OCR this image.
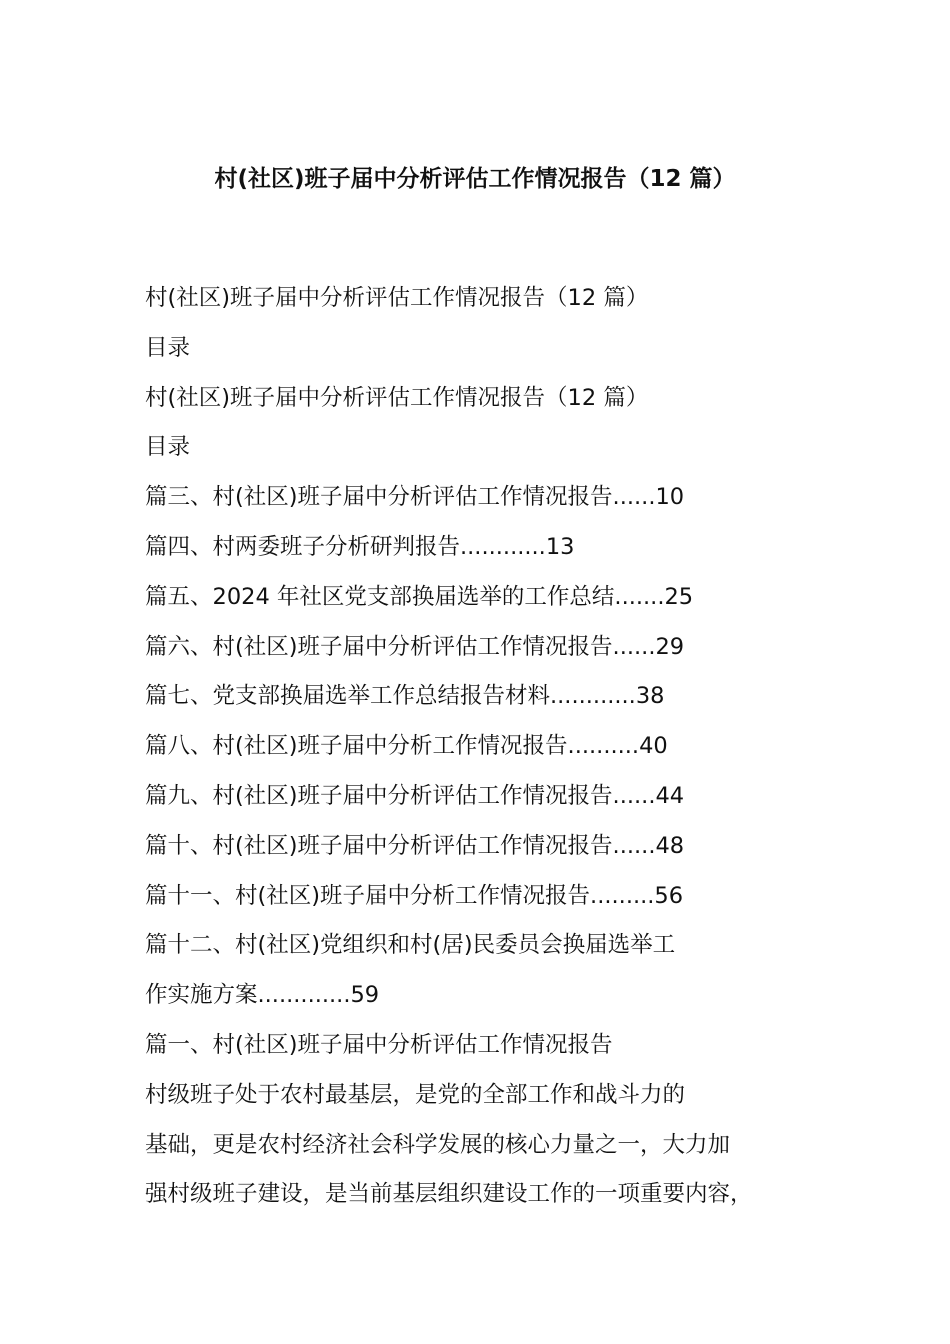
村(社区)班子届中分析评估工作情况报告（12 篇）
村(社区)班子届中分析评估工作情况报告（12 篇）
目录
村(社区)班子届中分析评估工作情况报告（12 篇）
目录
篇三、村(社区)班子届中分析评估工作情况报告......10
篇四、村两委班子分析研判报告............13
篇五、2024 年社区党支部换届选举的工作总结.......25
篇六、村(社区)班子届中分析评估工作情况报告......29
篇七、党支部换届选举工作总结报告材料............38
篇八、村(社区)班子届中分析工作情况报告..........40
篇九、村(社区)班子届中分析评估工作情况报告......44
篇十、村(社区)班子届中分析评估工作情况报告......48
篇十一、村(社区)班子届中分析工作情况报告.........56
篇十二、村(社区)党组织和村(居)民委员会换届选举工
作实施方案.............59
篇一、村(社区)班子届中分析评估工作情况报告
村级班子处于农村最基层，是党的全部工作和战斗力的
基础，更是农村经济社会科学发展的核心力量之一，大力加
强村级班子建设，是当前基层组织建设工作的一项重要内容，
